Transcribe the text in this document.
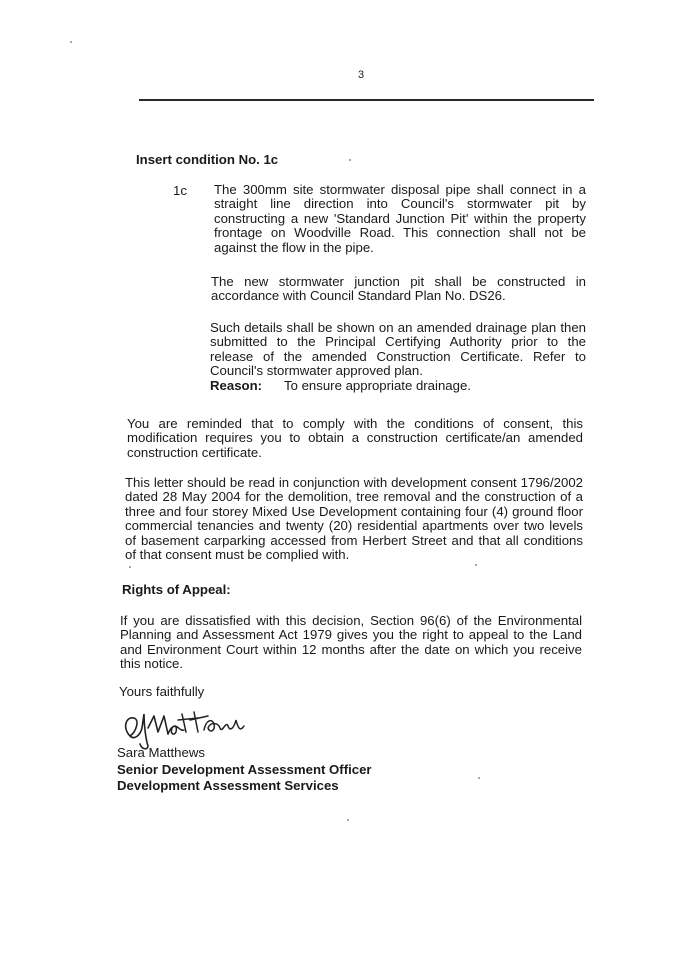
3
Insert condition No. 1c
1c The 300mm site stormwater disposal pipe shall connect in a straight line direction into Council's stormwater pit by constructing a new 'Standard Junction Pit' within the property frontage on Woodville Road. This connection shall not be against the flow in the pipe.
The new stormwater junction pit shall be constructed in accordance with Council Standard Plan No. DS26.
Such details shall be shown on an amended drainage plan then submitted to the Principal Certifying Authority prior to the release of the amended Construction Certificate. Refer to Council's stormwater approved plan.
Reason: To ensure appropriate drainage.
You are reminded that to comply with the conditions of consent, this modification requires you to obtain a construction certificate/an amended construction certificate.
This letter should be read in conjunction with development consent 1796/2002 dated 28 May 2004 for the demolition, tree removal and the construction of a three and four storey Mixed Use Development containing four (4) ground floor commercial tenancies and twenty (20) residential apartments over two levels of basement carparking accessed from Herbert Street and that all conditions of that consent must be complied with.
Rights of Appeal:
If you are dissatisfied with this decision, Section 96(6) of the Environmental Planning and Assessment Act 1979 gives you the right to appeal to the Land and Environment Court within 12 months after the date on which you receive this notice.
Yours faithfully
Sara Matthews
Senior Development Assessment Officer
Development Assessment Services
